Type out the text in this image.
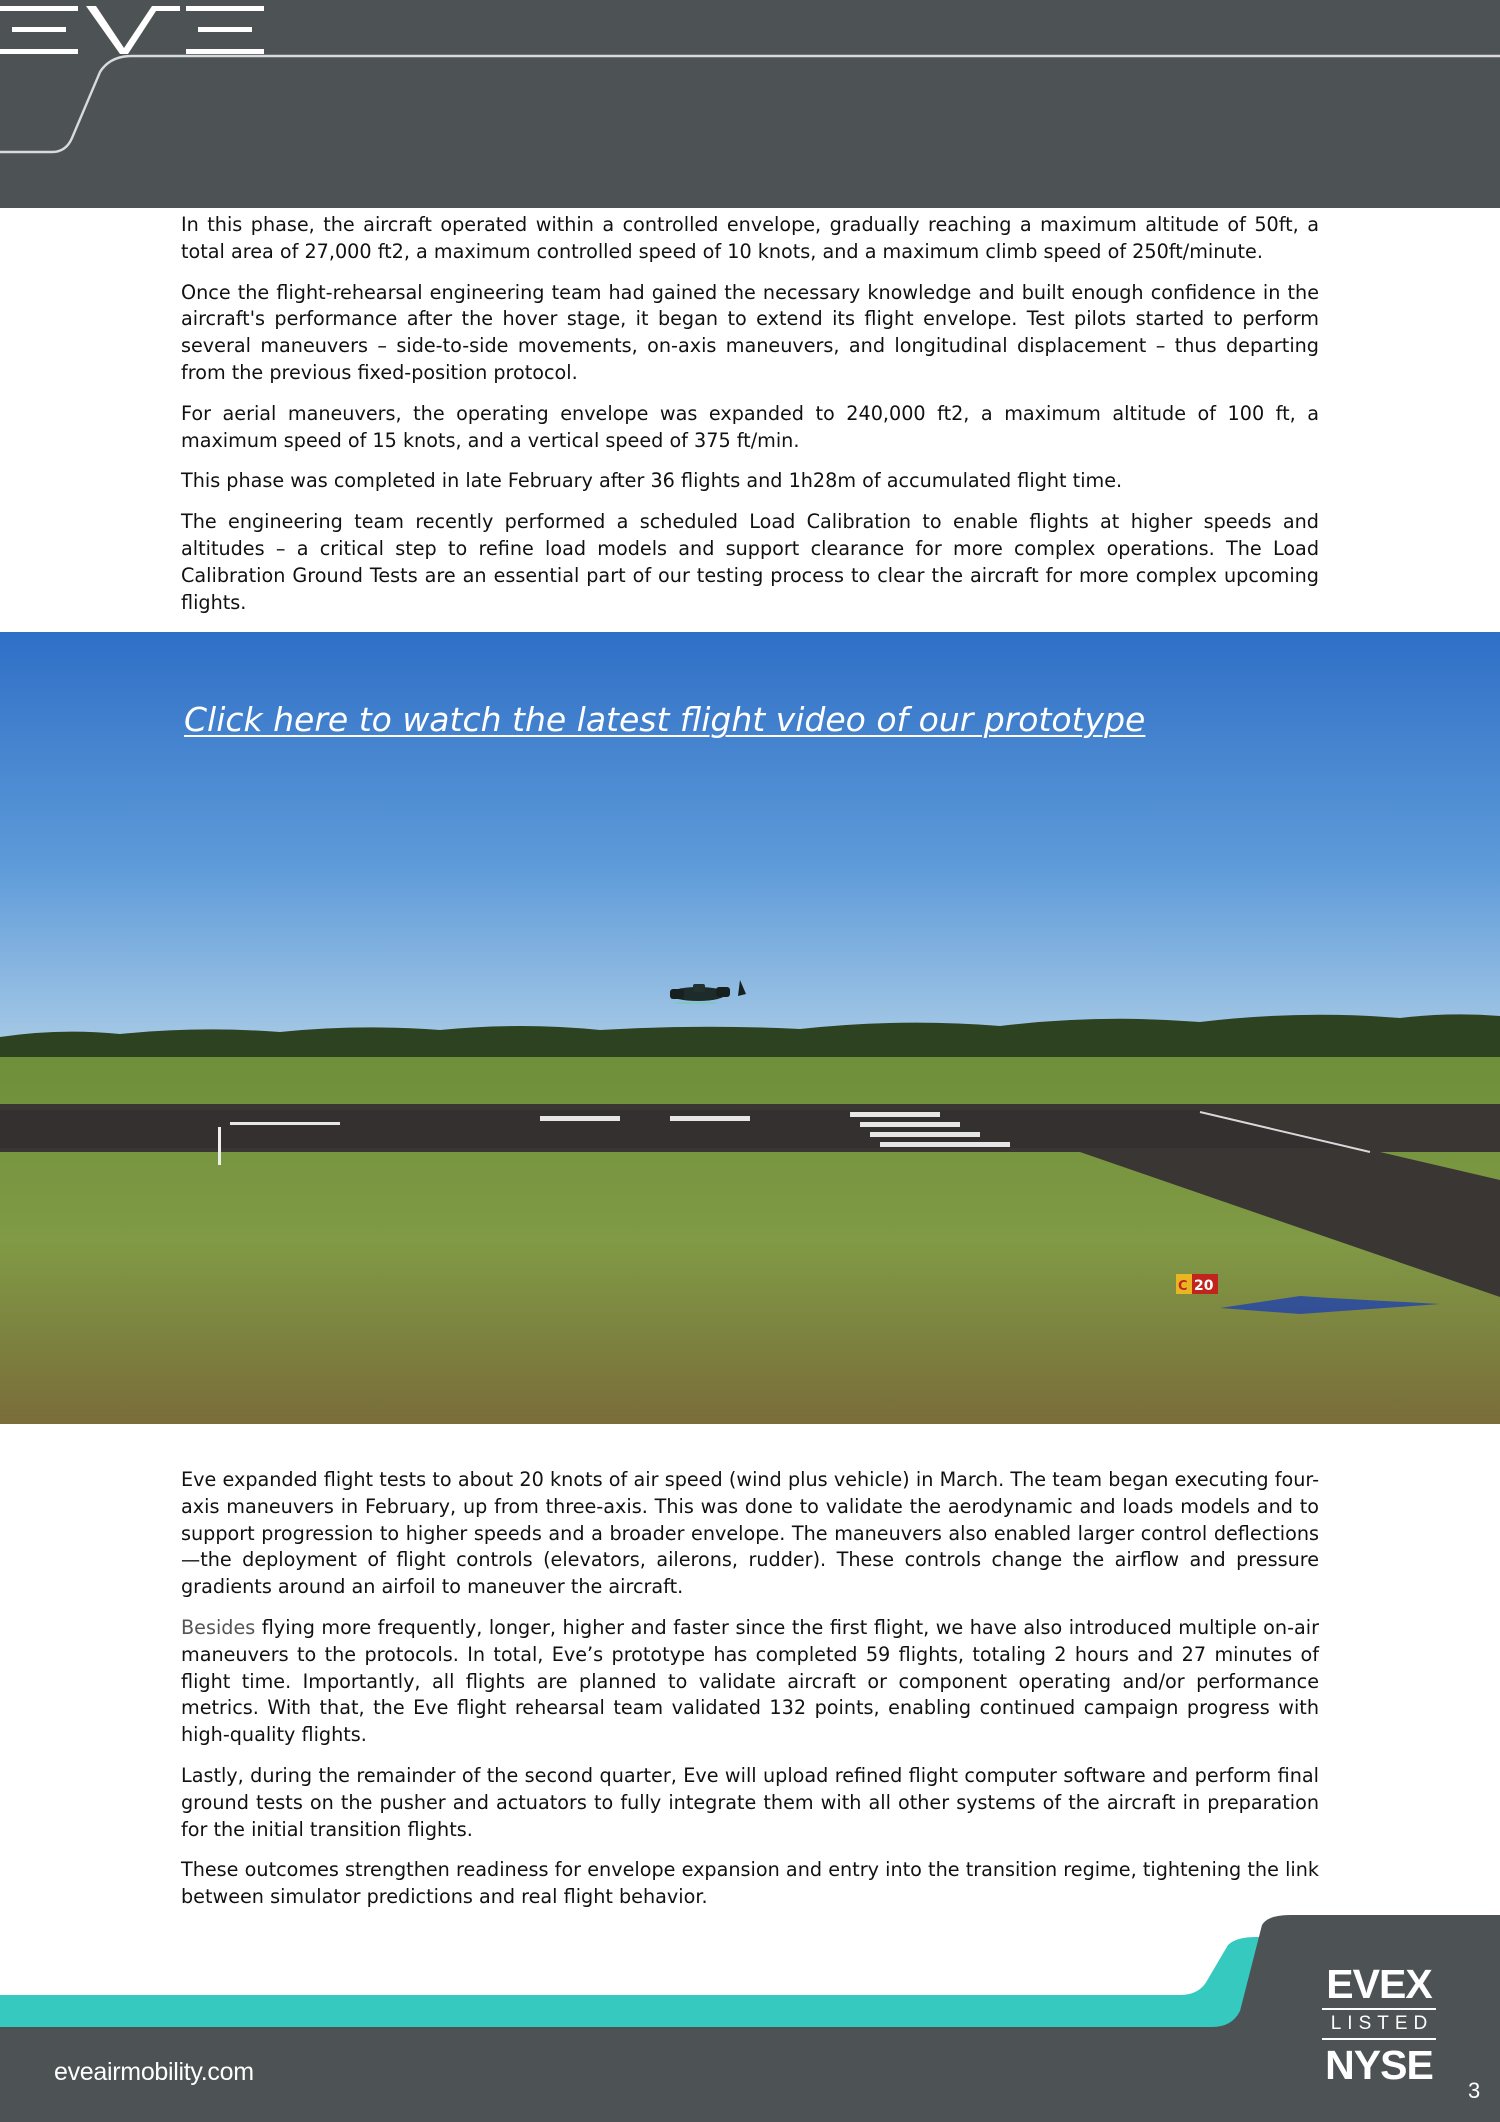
In this phase, the aircraft operated within a controlled envelope, gradually reaching a maximum altitude of 50ft, a total area of 27,000 ft2, a maximum controlled speed of 10 knots, and a maximum climb speed of 250ft/minute.

Once the flight-rehearsal engineering team had gained the necessary knowledge and built enough confidence in the aircraft's performance after the hover stage, it began to extend its flight envelope. Test pilots started to perform several maneuvers – side-to-side movements, on-axis maneuvers, and longitudinal displacement – thus departing from the previous fixed-position protocol.

For aerial maneuvers, the operating envelope was expanded to 240,000 ft2, a maximum altitude of 100 ft, a maximum speed of 15 knots, and a vertical speed of 375 ft/min.

This phase was completed in late February after 36 flights and 1h28m of accumulated flight time.

The engineering team recently performed a scheduled Load Calibration to enable flights at higher speeds and altitudes – a critical step to refine load models and support clearance for more complex operations. The Load Calibration Ground Tests are an essential part of our testing process to clear the aircraft for more complex upcoming flights.

C 20
Click here to watch the latest flight video of our prototype

Eve expanded flight tests to about 20 knots of air speed (wind plus vehicle) in March. The team began executing four-axis maneuvers in February, up from three-axis. This was done to validate the aerodynamic and loads models and to support progression to higher speeds and a broader envelope. The maneuvers also enabled larger control deflections—the deployment of flight controls (elevators, ailerons, rudder). These controls change the airflow and pressure gradients around an airfoil to maneuver the aircraft.

Besides flying more frequently, longer, higher and faster since the first flight, we have also introduced multiple on-air maneuvers to the protocols. In total, Eve’s prototype has completed 59 flights, totaling 2 hours and 27 minutes of flight time. Importantly, all flights are planned to validate aircraft or component operating and/or performance metrics. With that, the Eve flight rehearsal team validated 132 points, enabling continued campaign progress with high-quality flights.

Lastly, during the remainder of the second quarter, Eve will upload refined flight computer software and perform final ground tests on the pusher and actuators to fully integrate them with all other systems of the aircraft in preparation for the initial transition flights.

These outcomes strengthen readiness for envelope expansion and entry into the transition regime, tightening the link between simulator predictions and real flight behavior.

eveairmobility.com
EVEX
LISTED
NYSE
3
